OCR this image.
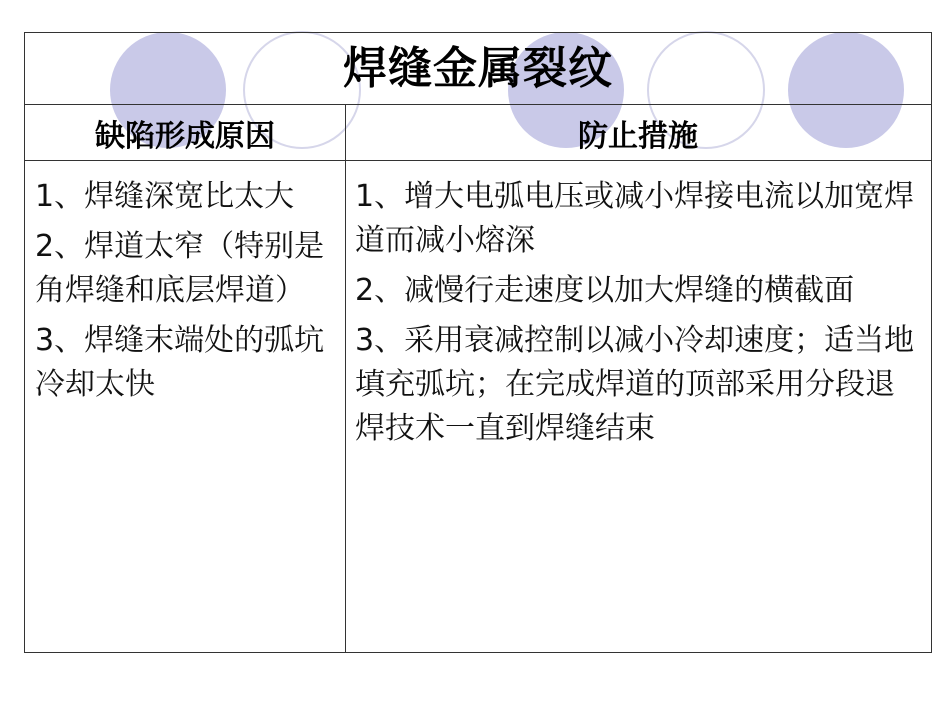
焊缝金属裂纹
缺陷形成原因	防止措施
1、焊缝深宽比太大
2、焊道太窄（特别是角焊缝和底层焊道）
3、焊缝末端处的弧坑冷却太快
1、增大电弧电压或减小焊接电流以加宽焊道而减小熔深
2、减慢行走速度以加大焊缝的横截面
3、采用衰减控制以减小冷却速度；适当地填充弧坑；在完成焊道的顶部采用分段退焊技术一直到焊缝结束
